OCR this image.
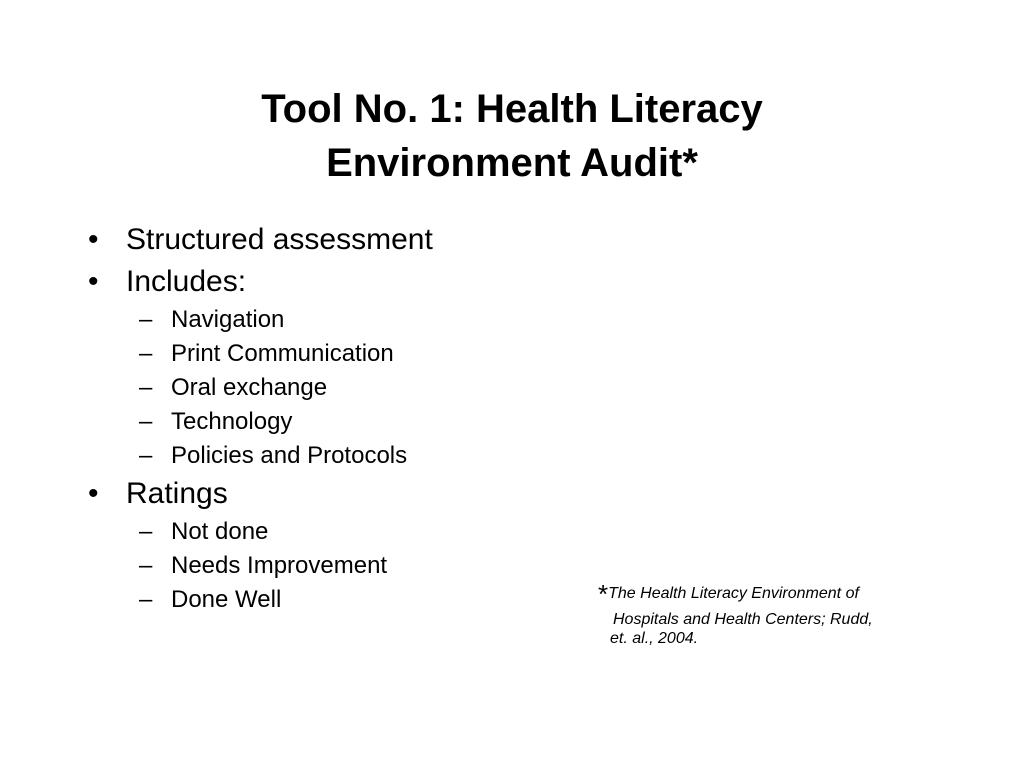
Tool No. 1: Health Literacy
Environment Audit*
• Structured assessment
• Includes:
– Navigation
– Print Communication
– Oral exchange
– Technology
– Policies and Protocols
• Ratings
– Not done
– Needs Improvement
– Done Well	*The Health Literacy Environment of
Hospitals and Health Centers; Rudd,
et. al., 2004.
